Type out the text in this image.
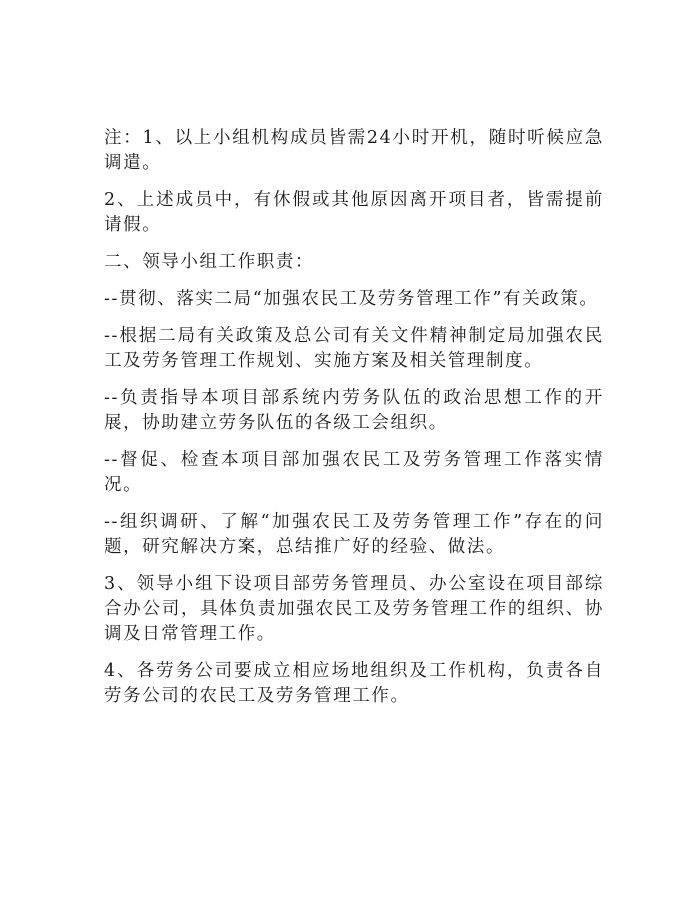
注：1、以上小组机构成员皆需24小时开机，随时听候应急调遣。

2、上述成员中，有休假或其他原因离开项目者，皆需提前请假。

二、领导小组工作职责：

--贯彻、落实二局“加强农民工及劳务管理工作”有关政策。

--根据二局有关政策及总公司有关文件精神制定局加强农民工及劳务管理工作规划、实施方案及相关管理制度。

--负责指导本项目部系统内劳务队伍的政治思想工作的开展，协助建立劳务队伍的各级工会组织。

--督促、检查本项目部加强农民工及劳务管理工作落实情况。

--组织调研、了解“加强农民工及劳务管理工作”存在的问题，研究解决方案，总结推广好的经验、做法。

3、领导小组下设项目部劳务管理员、办公室设在项目部综合办公司，具体负责加强农民工及劳务管理工作的组织、协调及日常管理工作。

4、各劳务公司要成立相应场地组织及工作机构，负责各自劳务公司的农民工及劳务管理工作。
